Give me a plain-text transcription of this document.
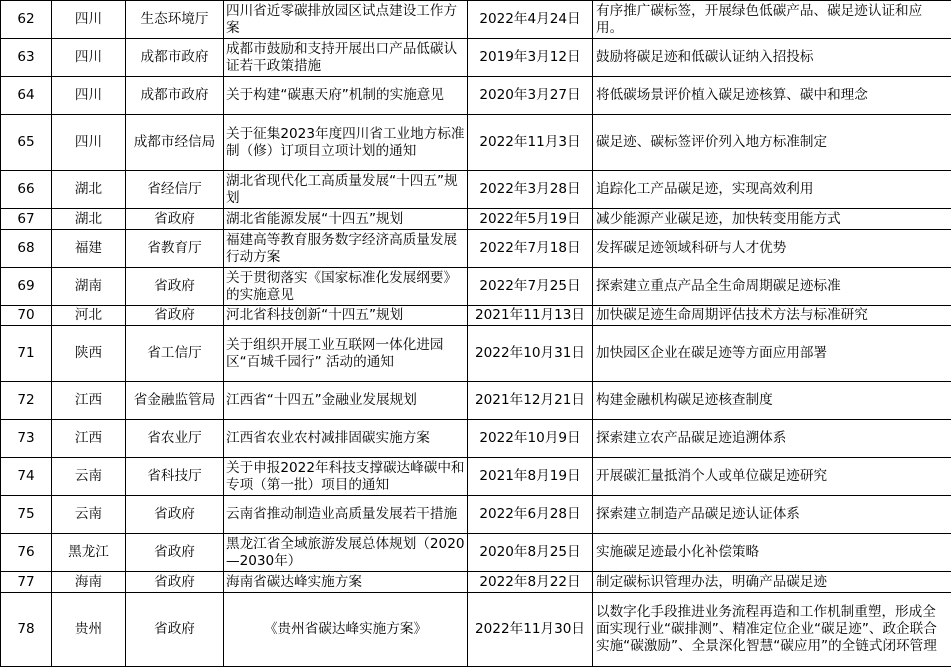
62	四川	生态环境厅	四川省近零碳排放园区试点建设工作方案	2022年4月24日	有序推广碳标签，开展绿色低碳产品、碳足迹认证和应用。
63	四川	成都市政府	成都市鼓励和支持开展出口产品低碳认证若干政策措施	2019年3月12日	鼓励将碳足迹和低碳认证纳入招投标
64	四川	成都市政府	关于构建“碳惠天府”机制的实施意见	2020年3月27日	将低碳场景评价植入碳足迹核算、碳中和理念
65	四川	成都市经信局	关于征集2023年度四川省工业地方标准制（修）订项目立项计划的通知	2022年11月3日	碳足迹、碳标签评价列入地方标准制定
66	湖北	省经信厅	湖北省现代化工高质量发展“十四五”规划	2022年3月28日	追踪化工产品碳足迹，实现高效利用
67	湖北	省政府	湖北省能源发展“十四五”规划	2022年5月19日	减少能源产业碳足迹，加快转变用能方式
68	福建	省教育厅	福建高等教育服务数字经济高质量发展行动方案	2022年7月18日	发挥碳足迹领域科研与人才优势
69	湖南	省政府	关于贯彻落实《国家标准化发展纲要》的实施意见	2022年7月25日	探索建立重点产品全生命周期碳足迹标准
70	河北	省政府	河北省科技创新“十四五”规划	2021年11月13日	加快碳足迹生命周期评估技术方法与标准研究
71	陕西	省工信厅	关于组织开展工业互联网一体化进园区“百城千园行” 活动的通知	2022年10月31日	加快园区企业在碳足迹等方面应用部署
72	江西	省金融监管局	江西省“十四五”金融业发展规划	2021年12月21日	构建金融机构碳足迹核查制度
73	江西	省农业厅	江西省农业农村减排固碳实施方案	2022年10月9日	探索建立农产品碳足迹追溯体系
74	云南	省科技厅	关于申报2022年科技支撑碳达峰碳中和专项（第一批）项目的通知	2021年8月19日	开展碳汇量抵消个人或单位碳足迹研究
75	云南	省政府	云南省推动制造业高质量发展若干措施	2022年6月28日	探索建立制造产品碳足迹认证体系
76	黑龙江	省政府	黑龙江省全域旅游发展总体规划（2020—2030年）	2020年8月25日	实施碳足迹最小化补偿策略
77	海南	省政府	海南省碳达峰实施方案	2022年8月22日	制定碳标识管理办法，明确产品碳足迹
78	贵州	省政府	《贵州省碳达峰实施方案》	2022年11月30日	以数字化手段推进业务流程再造和工作机制重塑，形成全面实现行业“碳排测”、精准定位企业“碳足迹”、政企联合实施“碳激励”、全景深化智慧“碳应用”的全链式闭环管理
